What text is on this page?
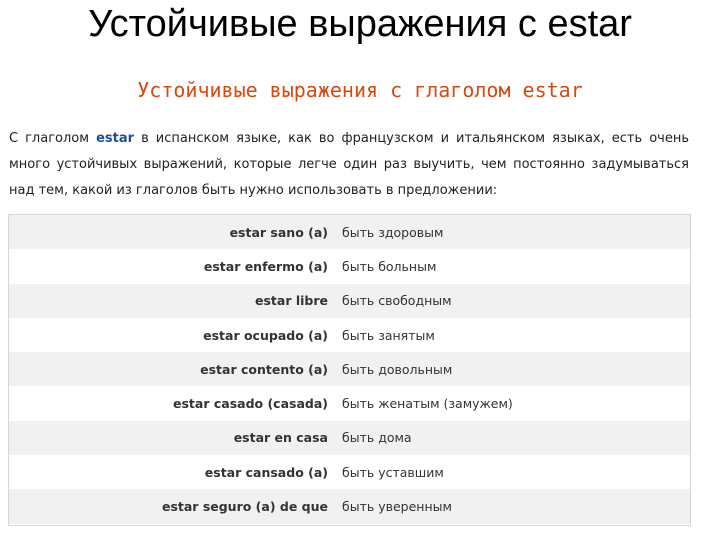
Устойчивые выражения с estar
Устойчивые выражения с глаголом estar
С глаголом estar в испанском языке, как во французском и итальянском языках, есть очень много устойчивых выражений, которые легче один раз выучить, чем постоянно задумываться над тем, какой из глаголов быть нужно использовать в предложении:
estar sano (a)	быть здоровым
estar enfermo (a)	быть больным
estar libre	быть свободным
estar ocupado (a)	быть занятым
estar contento (a)	быть довольным
estar casado (casada)	быть женатым (замужем)
estar en casa	быть дома
estar cansado (a)	быть уставшим
estar seguro (a) de que	быть уверенным
